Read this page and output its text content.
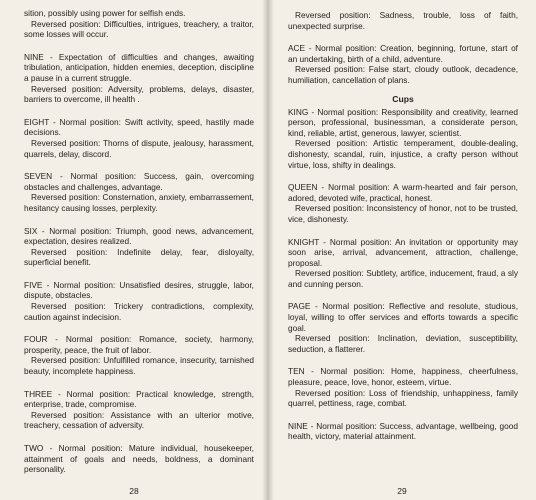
sition, possibly using power for selfish ends.

Reversed position: Difficulties, intrigues, treachery, a traitor, some losses will occur.

NINE - Expectation of difficulties and changes, awaiting tribulation, anticipation, hidden enemies, deception, discipline a pause in a current struggle.

Reversed position: Adversity, problems, delays, disaster, barriers to overcome, ill health .

EIGHT - Normal position: Swift activity, speed, hastily made decisions.

Reversed position: Thorns of dispute, jealousy, harassment, quarrels, delay, discord.

SEVEN - Normal position: Success, gain, overcoming obstacles and challenges, advantage.

Reversed position: Consternation, anxiety, embarrassement, hesitancy causing losses, perplexity.

SIX - Normal position: Triumph, good news, advancement, expectation, desires realized.

Reversed position: Indefinite delay, fear, disloyalty, superficial benefit.

FIVE - Normal position: Unsatisfied desires, struggle, labor, dispute, obstacles.

Reversed position: Trickery contradictions, complexity, caution against indecision.

FOUR - Normal position: Romance, society, harmony, prosperity, peace, the fruit of labor.

Reversed position: Unfulfilled romance, insecurity, tarnished beauty, incomplete happiness.

THREE - Normal position: Practical knowledge, strength, enterprise, trade, compromise.

Reversed position: Assistance with an ulterior motive, treachery, cessation of adversity.

TWO - Normal position: Mature individual, housekeeper, attainment of goals and needs, boldness, a dominant personality.

28

Reversed position: Sadness, trouble, loss of faith, unexpected surprise.

ACE - Normal position: Creation, beginning, fortune, start of an undertaking, birth of a child, adventure.

Reversed position: False start, cloudy outlook, decadence, humiliation, cancellation of plans.

Cups

KING - Normal position: Responsibility and creativity, learned person, professional, businessman, a considerate person, kind, reliable, artist, generous, lawyer, scientist.

Reversed position: Artistic temperament, double-dealing, dishonesty, scandal, ruin, injustice, a crafty person without virtue, loss, shifty in dealings.

QUEEN - Normal position: A warm-hearted and fair person, adored, devoted wife, practical, honest.

Reversed position: Inconsistency of honor, not to be trusted, vice, dishonesty.

KNIGHT - Normal position: An invitation or opportunity may soon arise, arrival, advancement, attraction, challenge, proposal.

Reversed position: Subtlety, artifice, inducement, fraud, a sly and cunning person.

PAGE - Normal position: Reflective and resolute, studious, loyal, willing to offer services and efforts towards a specific goal.

Reversed position: Inclination, deviation, susceptibility, seduction, a flatterer.

TEN - Normal position: Home, happiness, cheerfulness, pleasure, peace, love, honor, esteem, virtue.

Reversed position: Loss of friendship, unhappiness, family quarrel, pettiness, rage, combat.

NINE - Normal position: Success, advantage, wellbeing, good health, victory, material attainment.

29
